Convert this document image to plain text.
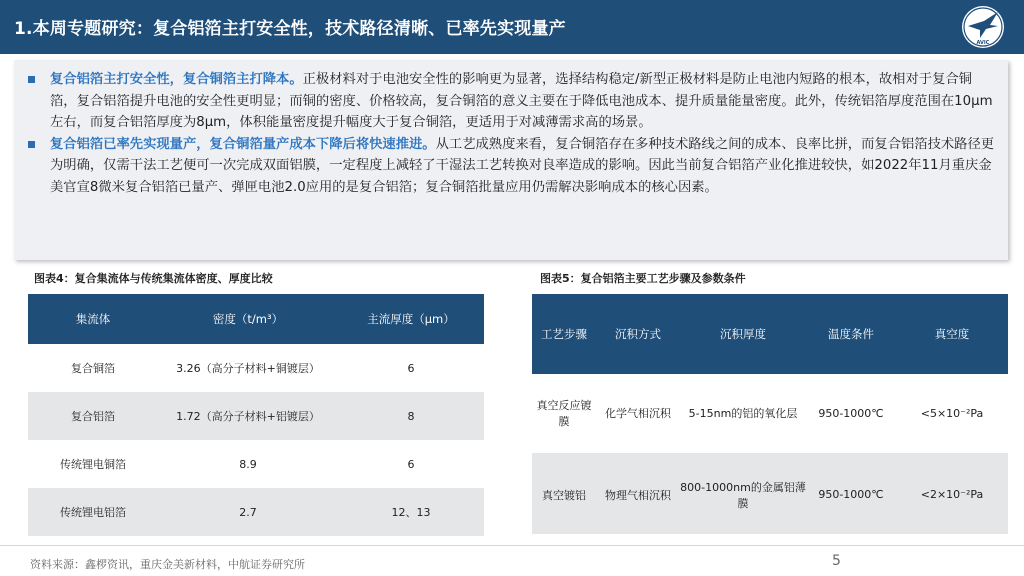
1.本周专题研究：复合铝箔主打安全性，技术路径清晰、已率先实现量产
AVIC
复合铝箔主打安全性，复合铜箔主打降本。正极材料对于电池安全性的影响更为显著，选择结构稳定/新型正极材料是防止电池内短路的根本，故相对于复合铜箔，复合铝箔提升电池的安全性更明显；而铜的密度、价格较高，复合铜箔的意义主要在于降低电池成本、提升质量能量密度。此外，传统铝箔厚度范围在10μm左右，而复合铝箔厚度为8μm，体积能量密度提升幅度大于复合铜箔，更适用于对减薄需求高的场景。
复合铝箔已率先实现量产，复合铜箔量产成本下降后将快速推进。从工艺成熟度来看，复合铜箔存在多种技术路线之间的成本、良率比拼，而复合铝箔技术路径更为明确，仅需干法工艺便可一次完成双面铝膜，一定程度上减轻了干湿法工艺转换对良率造成的影响。因此当前复合铝箔产业化推进较快，如2022年11月重庆金美官宣8微米复合铝箔已量产、弹匣电池2.0应用的是复合铝箔；复合铜箔批量应用仍需解决影响成本的核心因素。
图表4：复合集流体与传统集流体密度、厚度比较
集流体	密度（t/m³）	主流厚度（μm）
复合铜箔	3.26（高分子材料+铜镀层）	6
复合铝箔	1.72（高分子材料+铝镀层）	8
传统锂电铜箔	8.9	6
传统锂电铝箔	2.7	12、13
图表5：复合铝箔主要工艺步骤及参数条件
工艺步骤	沉积方式	沉积厚度	温度条件	真空度
真空反应镀膜	化学气相沉积	5-15nm的铝的氧化层	950-1000℃	<5×10⁻²Pa
真空镀铝	物理气相沉积	800-1000nm的金属铝薄膜	950-1000℃	<2×10⁻²Pa
资料来源：鑫椤资讯，重庆金美新材料，中航证券研究所	5
